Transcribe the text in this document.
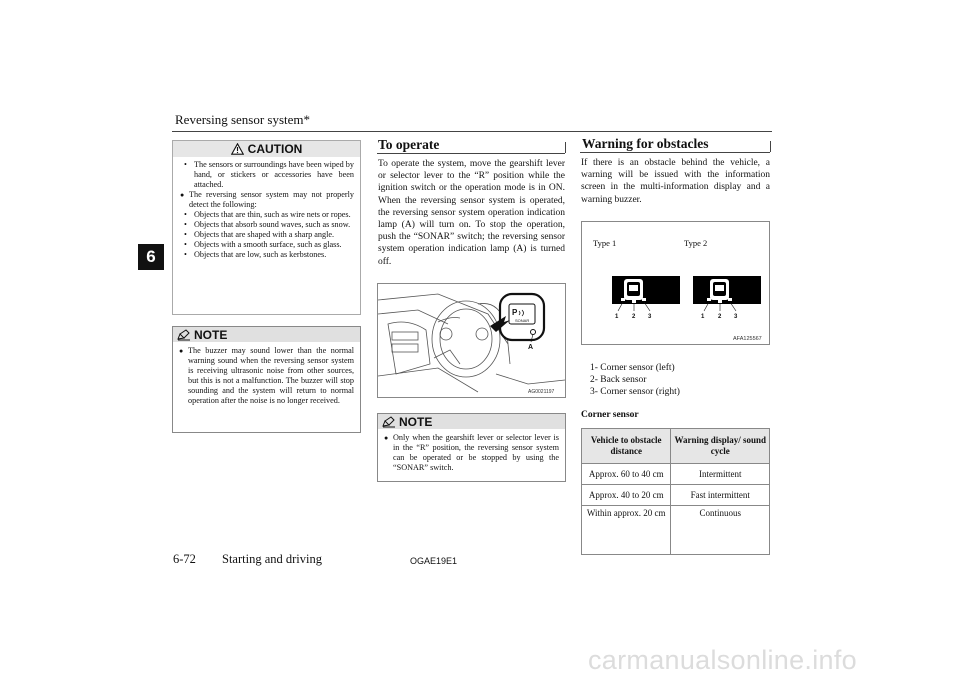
Reversing sensor system*
6
CAUTION
• The sensors or surroundings have been wiped by hand, or stickers or accessories have been attached.
● The reversing sensor system may not properly detect the following:
• Objects that are thin, such as wire nets or ropes.
• Objects that absorb sound waves, such as snow.
• Objects that are shaped with a sharp angle.
• Objects with a smooth surface, such as glass.
• Objects that are low, such as kerbstones.
NOTE
● The buzzer may sound lower than the normal warning sound when the reversing sensor system is receiving ultrasonic noise from other sources, but this is not a malfunction. The buzzer will stop sounding and the system will return to normal operation after the noise is no longer received.
To operate
To operate the system, move the gearshift lever or selector lever to the “R” position while the ignition switch or the operation mode is in ON. When the reversing sensor system is operated, the reversing sensor system operation indication lamp (A) will turn on. To stop the operation, push the “SONAR” switch; the reversing sensor system operation indication lamp (A) is turned off.
P
SONAR
A
AG0021197
NOTE
● Only when the gearshift lever or selector lever is in the “R” position, the reversing sensor system can be operated or be stopped by using the “SONAR” switch.
Warning for obstacles
If there is an obstacle behind the vehicle, a warning will be issued with the information screen in the multi-information display and a warning buzzer.
Type 1	Type 2
1 2 3	1 2 3
AFA125567
1- Corner sensor (left)
2- Back sensor
3- Corner sensor (right)
Corner sensor
Vehicle to obstacle distance	Warning display/ sound cycle
Approx. 60 to 40 cm	Intermittent
Approx. 40 to 20 cm	Fast intermittent
Within approx. 20 cm	Continuous
6-72 Starting and driving	OGAE19E1
carmanualsonline.info
